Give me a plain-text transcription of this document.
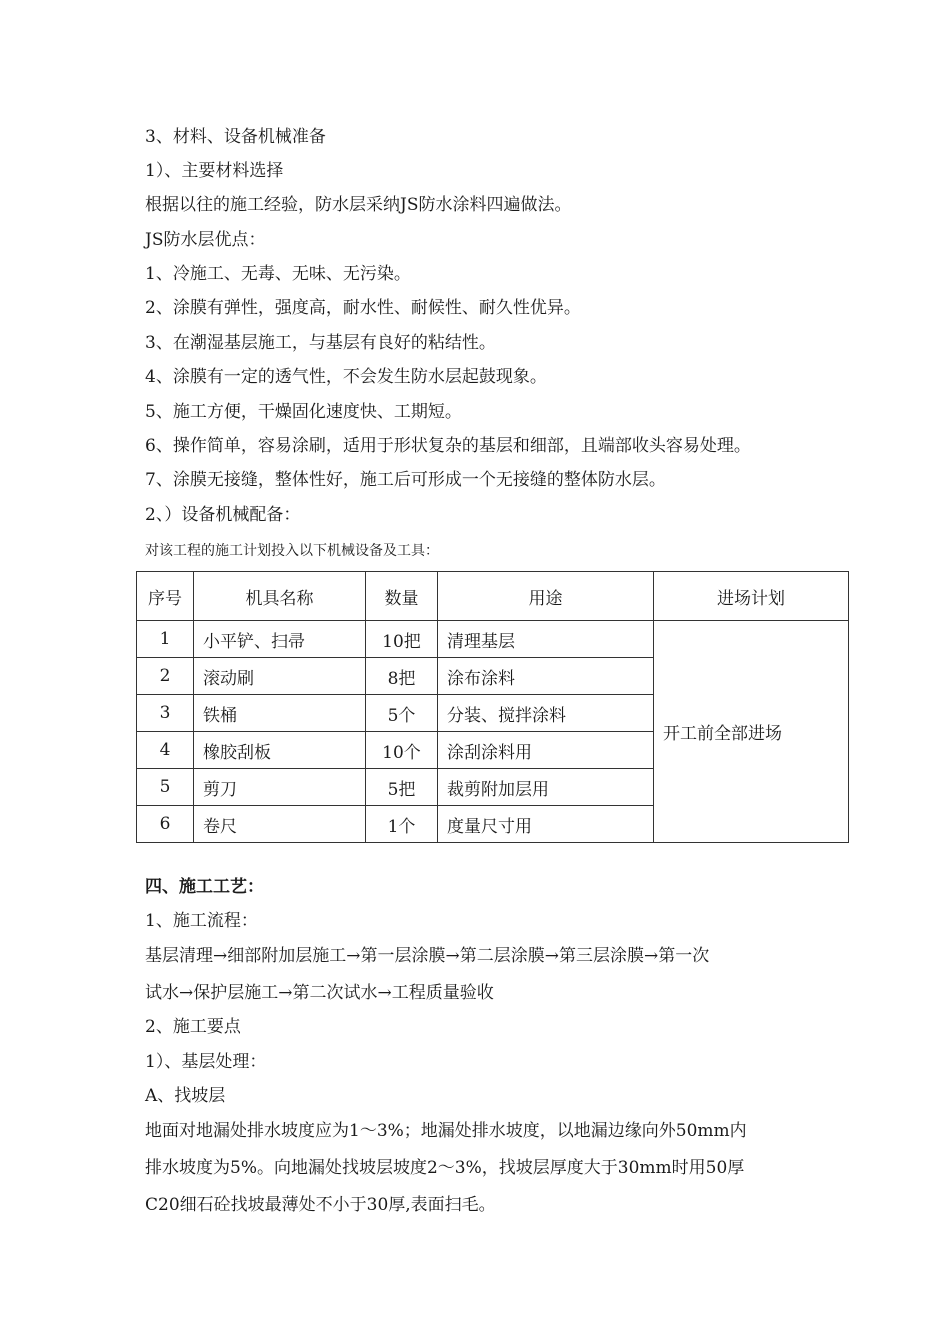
3、材料、设备机械准备
1）、主要材料选择
根据以往的施工经验，防水层采纳JS防水涂料四遍做法。
JS防水层优点：
1、冷施工、无毒、无味、无污染。
2、涂膜有弹性，强度高，耐水性、耐候性、耐久性优异。
3、在潮湿基层施工，与基层有良好的粘结性。
4、涂膜有一定的透气性，不会发生防水层起鼓现象。
5、施工方便，干燥固化速度快、工期短。
6、操作简单，容易涂刷，适用于形状复杂的基层和细部，且端部收头容易处理。
7、涂膜无接缝，整体性好，施工后可形成一个无接缝的整体防水层。
2、）设备机械配备：
对该工程的施工计划投入以下机械设备及工具：
序号	机具名称	数量	用途	进场计划
1	小平铲、扫帚	10把	清理基层	开工前全部进场
2	滚动刷	8把	涂布涂料	
3	铁桶	5个	分装、搅拌涂料	
4	橡胶刮板	10个	涂刮涂料用	
5	剪刀	5把	裁剪附加层用	
6	卷尺	1个	度量尺寸用	
四、施工工艺：
1、施工流程：
基层清理→细部附加层施工→第一层涂膜→第二层涂膜→第三层涂膜→第一次
试水→保护层施工→第二次试水→工程质量验收
2、施工要点
1）、基层处理：
A、找坡层
地面对地漏处排水坡度应为1～3%；地漏处排水坡度，以地漏边缘向外50mm内
排水坡度为5%。向地漏处找坡层坡度2～3%，找坡层厚度大于30mm时用50厚
C20细石砼找坡最薄处不小于30厚,表面扫毛。
